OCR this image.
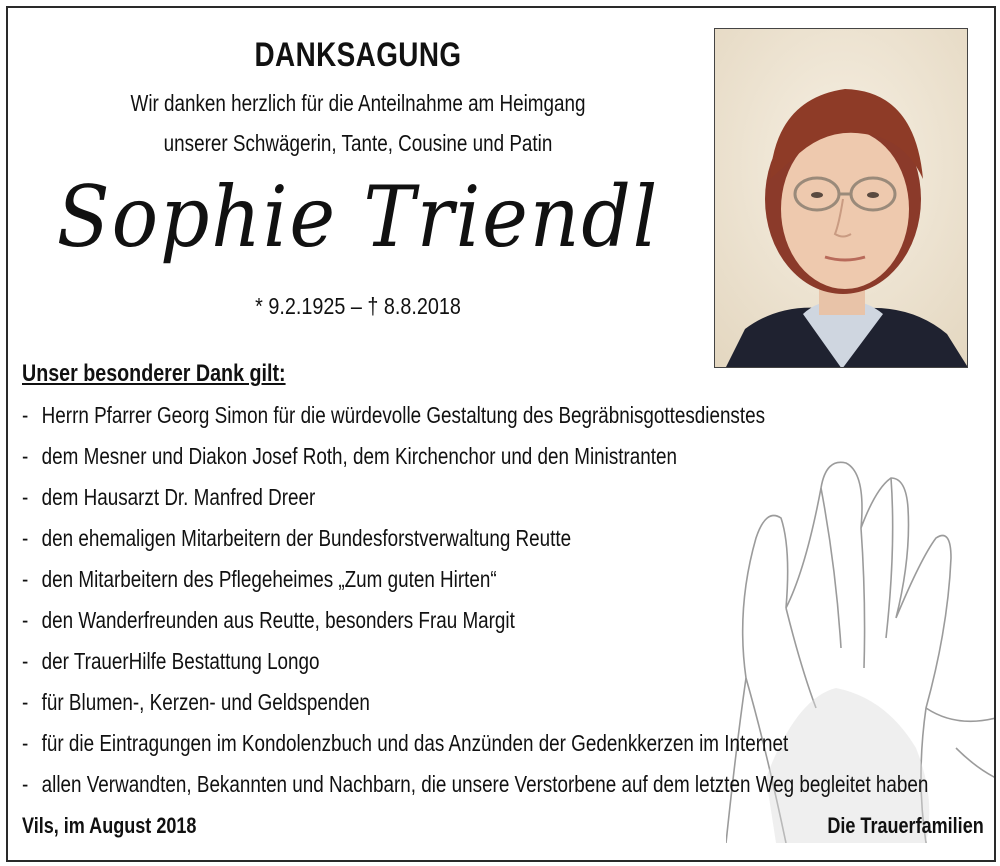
DANKSAGUNG
Wir danken herzlich für die Anteilnahme am Heimgang
unserer Schwägerin, Tante, Cousine und Patin
Sophie Triendl
* 9.2.1925 – † 8.8.2018
Unser besonderer Dank gilt:
- Herrn Pfarrer Georg Simon für die würdevolle Gestaltung des Begräbnisgottesdienstes
- dem Mesner und Diakon Josef Roth, dem Kirchenchor und den Ministranten
- dem Hausarzt Dr. Manfred Dreer
- den ehemaligen Mitarbeitern der Bundesforstverwaltung Reutte
- den Mitarbeitern des Pflegeheimes „Zum guten Hirten“
- den Wanderfreunden aus Reutte, besonders Frau Margit
- der TrauerHilfe Bestattung Longo
- für Blumen-, Kerzen- und Geldspenden
- für die Eintragungen im Kondolenzbuch und das Anzünden der Gedenkkerzen im Internet
- allen Verwandten, Bekannten und Nachbarn, die unsere Verstorbene auf dem letzten Weg begleitet haben
Vils, im August 2018	Die Trauerfamilien
